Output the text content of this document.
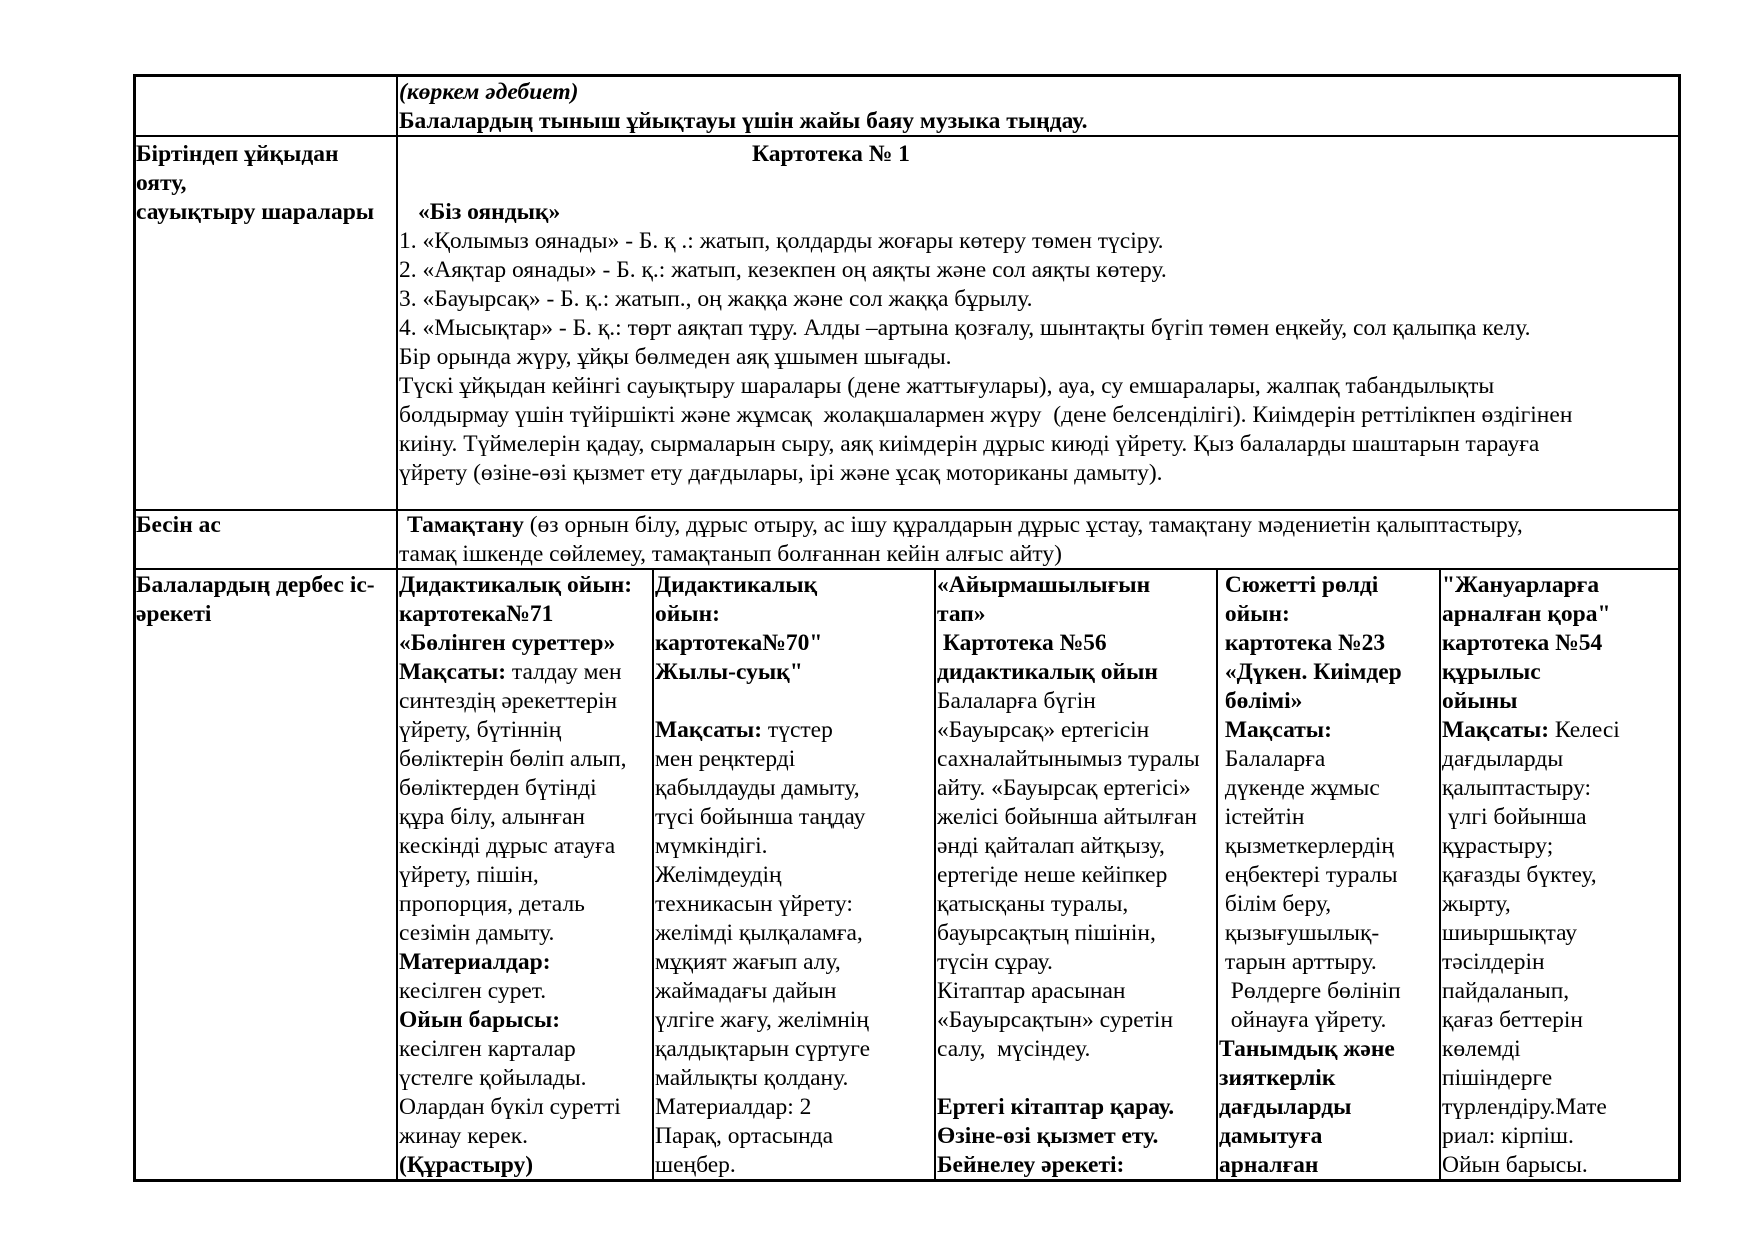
(көркем әдебиет)
Балалардың тыныш ұйықтауы үшін жайы баяу музыка тыңдау.
Біртіндеп ұйқыдан
ояту,
сауықтыру шаралары
Картотека № 1
«Біз ояндық»
1. «Қолымыз оянады» - Б. қ .: жатып, қолдарды жоғары көтеру төмен түсіру.
2. «Аяқтар оянады» - Б. қ.: жатып, кезекпен оң аяқты және сол аяқты көтеру.
3. «Бауырсақ» - Б. қ.: жатып., оң жаққа және сол жаққа бұрылу.
4. «Мысықтар» - Б. қ.: төрт аяқтап тұру. Алды –артына қозғалу, шынтақты бүгіп төмен еңкейу, сол қалыпқа келу.
Бір орында жүру, ұйқы бөлмеден аяқ ұшымен шығады.
Түскі ұйқыдан кейінгі сауықтыру шаралары (дене жаттығулары), ауа, су емшаралары, жалпақ табандылықты
болдырмау үшін түйіршікті және жұмсақ  жолақшалармен жүру  (дене белсенділігі). Киімдерін реттілікпен өздігінен
киіну. Түймелерін қадау, сырмаларын сыру, аяқ киімдерін дұрыс киюді үйрету. Қыз балаларды шаштарын тарауға
үйрету (өзіне-өзі қызмет ету дағдылары, ірі және ұсақ моториканы дамыту).
Бесін ас	Тамақтану (өз орнын білу, дұрыс отыру, ас ішу құралдарын дұрыс ұстау, тамақтану мәдениетін қалыптастыру,
тамақ ішкенде сөйлемеу, тамақтанып болғаннан кейін алғыс айту)
Балалардың дербес іс-
әрекеті
Дидактикалық ойын:
картотека№71
«Бөлінген суреттер»
Мақсаты: талдау мен
синтездің әрекеттерін
үйрету, бүтіннің
бөліктерін бөліп алып,
бөліктерден бүтінді
құра білу, алынған
кескінді дұрыс атауға
үйрету, пішін,
пропорция, деталь
сезімін дамыту.
Материалдар:
кесілген сурет.
Ойын барысы:
кесілген карталар
үстелге қойылады.
Олардан бүкіл суретті
жинау керек.
(Құрастыру)
Дидактикалық
ойын:
картотека№70"
Жылы-суық"
Мақсаты: түстер
мен реңктерді
қабылдауды дамыту,
түсі бойынша таңдау
мүмкіндігі.
Желімдеудің
техникасын үйрету:
желімді қылқаламға,
мұқият жағып алу,
жаймадағы дайын
үлгіге жағу, желімнің
қалдықтарын сүртуге
майлықты қолдану.
Материалдар: 2
Парақ, ортасында
шеңбер.
«Айырмашылығын
тап»
Картотека №56
дидактикалық ойын
Балаларға бүгін
«Бауырсақ» ертегісін
сахналайтынымыз туралы
айту. «Бауырсақ ертегісі»
желісі бойынша айтылған
әнді қайталап айтқызу,
ертегіде неше кейіпкер
қатысқаны туралы,
бауырсақтың пішінін,
түсін сұрау.
Кітаптар арасынан
«Бауырсақтын» суретін
салу,  мүсіндеу.
Ертегі кітаптар қарау.
Өзіне-өзі қызмет ету.
Бейнелеу әрекеті:
Сюжетті рөлді
ойын:
картотека №23
«Дүкен. Киімдер
бөлімі»
Мақсаты:
Балаларға
дүкенде жұмыс
істейтін
қызметкерлердің
еңбектері туралы
білім беру,
қызығушылық-
тарын арттыру.
Рөлдерге бөлініп
ойнауға үйрету.
Танымдық және
зияткерлік
дағдыларды
дамытуға
арналған
"Жануарларға
арналған қора"
картотека №54
құрылыс
ойыны
Мақсаты: Келесі
дағдыларды
қалыптастыру:
үлгі бойынша
құрастыру;
қағазды бүктеу,
жырту,
шиыршықтау
тәсілдерін
пайдаланып,
қағаз беттерін
көлемді
пішіндерге
түрлендіру.Мате
риал: кірпіш.
Ойын барысы.
